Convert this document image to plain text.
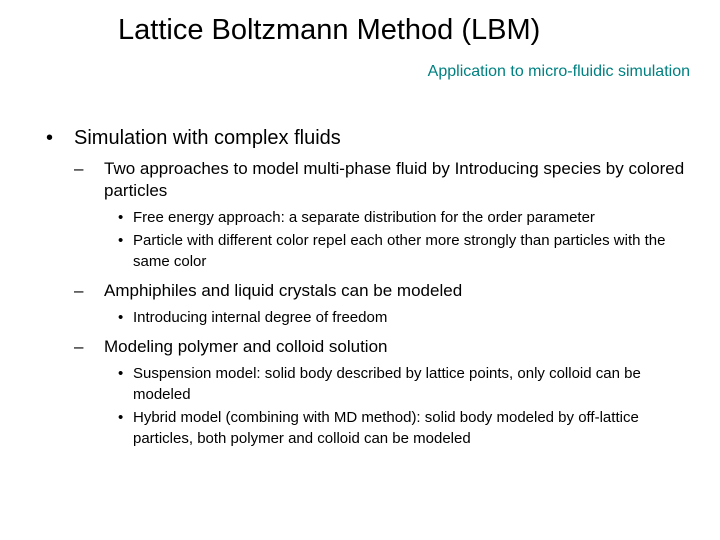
Lattice Boltzmann Method (LBM)
Application to micro-fluidic simulation
•	Simulation with complex fluids
–	Two approaches to model multi-phase fluid by Introducing species by colored particles
• Free energy approach: a separate distribution for the order parameter
• Particle with different color repel each other more strongly than particles with the same color
–	Amphiphiles and liquid crystals can be modeled
• Introducing internal degree of freedom
–	Modeling polymer and colloid solution
• Suspension model: solid body described by lattice points, only colloid can be modeled
• Hybrid model (combining with MD method): solid body modeled by off-lattice particles, both polymer and colloid can be modeled
